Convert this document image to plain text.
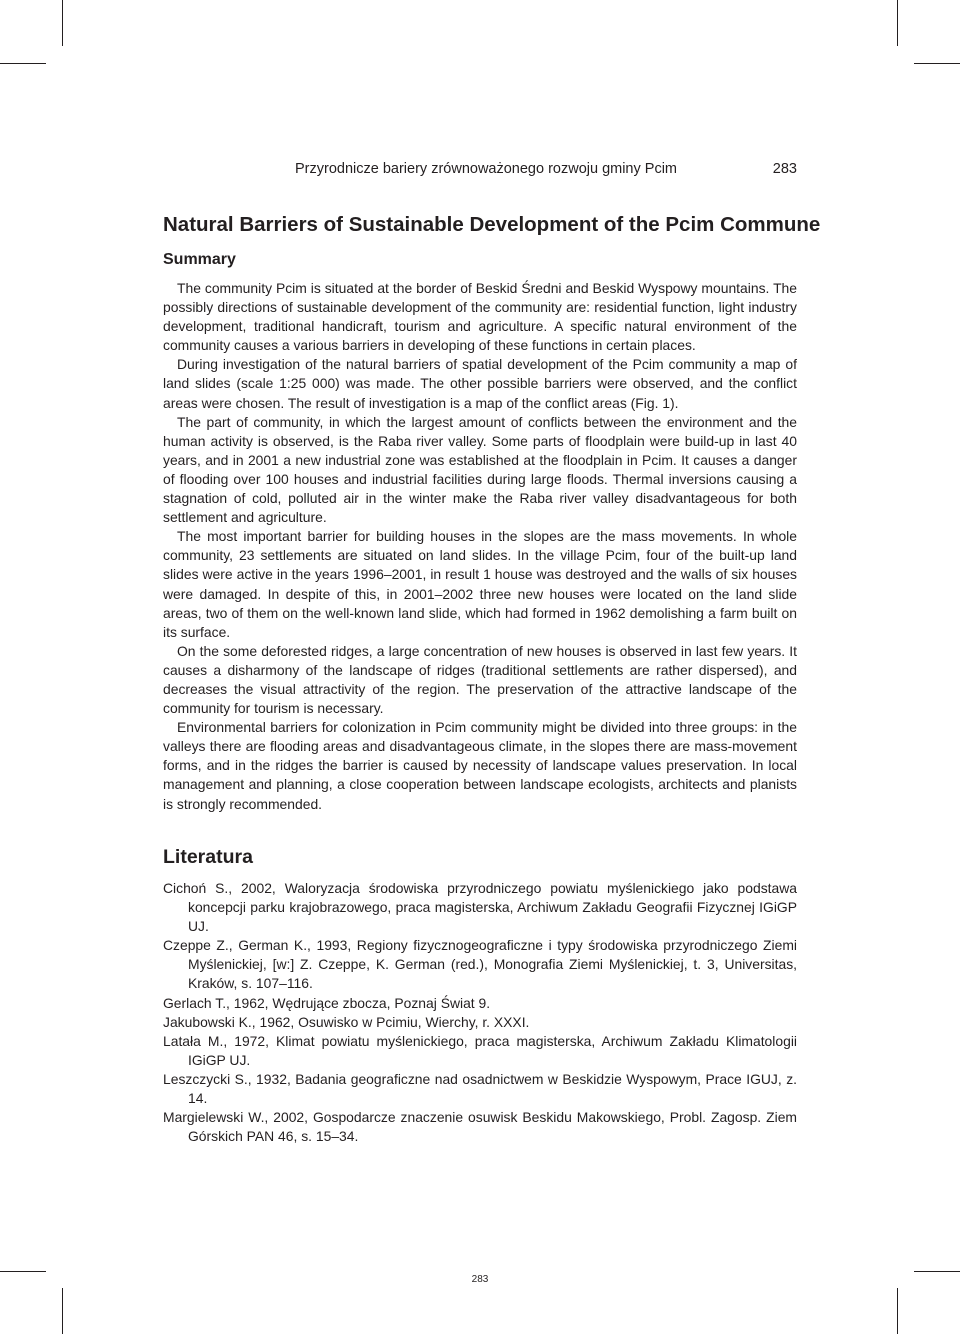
Przyrodnicze bariery zrównoważonego rozwoju gminy Pcim	283
Natural Barriers of Sustainable Development of the Pcim Commune
Summary

The community Pcim is situated at the border of Beskid Średni and Beskid Wyspowy mountains. The possibly directions of sustainable development of the community are: residential function, light industry development, traditional handicraft, tourism and agriculture. A specific natural environment of the community causes a various barriers in developing of these functions in certain places.

During investigation of the natural barriers of spatial development of the Pcim community a map of land slides (scale 1:25 000) was made. The other possible barriers were observed, and the conflict areas were chosen. The result of investigation is a map of the conflict areas (Fig. 1).

The part of community, in which the largest amount of conflicts between the environment and the human activity is observed, is the Raba river valley. Some parts of floodplain were build-up in last 40 years, and in 2001 a new industrial zone was established at the floodplain in Pcim. It causes a danger of flooding over 100 houses and industrial facilities during large floods. Thermal inversions causing a stagnation of cold, polluted air in the winter make the Raba river valley disadvantageous for both settlement and agriculture.

The most important barrier for building houses in the slopes are the mass movements. In whole community, 23 settlements are situated on land slides. In the village Pcim, four of the built-up land slides were active in the years 1996–2001, in result 1 house was destroyed and the walls of six houses were damaged. In despite of this, in 2001–2002 three new houses were located on the land slide areas, two of them on the well-known land slide, which had formed in 1962 demolishing a farm built on its surface.

On the some deforested ridges, a large concentration of new houses is observed in last few years. It causes a disharmony of the landscape of ridges (traditional settlements are rather dispersed), and decreases the visual attractivity of the region. The preservation of the attractive landscape of the community for tourism is necessary.

Environmental barriers for colonization in Pcim community might be divided into three groups: in the valleys there are flooding areas and disadvantageous climate, in the slopes there are mass-movement forms, and in the ridges the barrier is caused by necessity of landscape values preservation. In local management and planning, a close cooperation between landscape ecologists, architects and planists is strongly recommended.

Literatura
Cichoń S., 2002, Waloryzacja środowiska przyrodniczego powiatu myślenickiego jako podstawa koncepcji parku krajobrazowego, praca magisterska, Archiwum Zakładu Geografii Fizycznej IGiGP UJ.
Czeppe Z., German K., 1993, Regiony fizycznogeograficzne i typy środowiska przyrodniczego Ziemi Myślenickiej, [w:] Z. Czeppe, K. German (red.), Monografia Ziemi Myślenickiej, t. 3, Universitas, Kraków, s. 107–116.
Gerlach T., 1962, Wędrujące zbocza, Poznaj Świat 9.
Jakubowski K., 1962, Osuwisko w Pcimiu, Wierchy, r. XXXI.
Latała M., 1972, Klimat powiatu myślenickiego, praca magisterska, Archiwum Zakładu Klimatologii IGiGP UJ.
Leszczycki S., 1932, Badania geograficzne nad osadnictwem w Beskidzie Wyspowym, Prace IGUJ, z. 14.
Margielewski W., 2002, Gospodarcze znaczenie osuwisk Beskidu Makowskiego, Probl. Zagosp. Ziem Górskich PAN 46, s. 15–34.
283
